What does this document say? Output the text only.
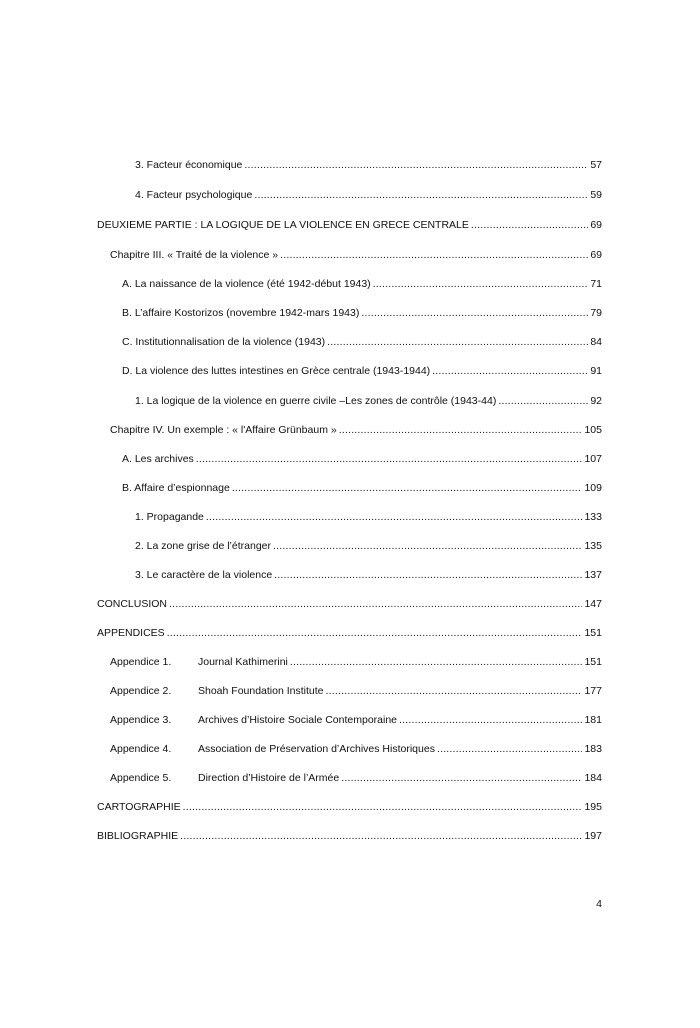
3. Facteur économique .....	57
4. Facteur psychologique .....	59
DEUXIEME PARTIE : LA LOGIQUE DE LA VIOLENCE EN GRECE CENTRALE .....	69
Chapitre III. « Traité de la violence » .....	69
A. La naissance de la violence (été 1942-début 1943) .....	71
B. L’affaire Kostorizos (novembre 1942-mars 1943) .....	79
C. Institutionnalisation de la violence (1943) .....	84
D. La violence des luttes intestines en Grèce centrale (1943-1944) .....	91
1. La logique de la violence en guerre civile –Les zones de contrôle (1943-44) .....	92
Chapitre IV. Un exemple : « l'Affaire Grünbaum » .....	105
A. Les archives .....	107
B. Affaire d’espionnage .....	109
1. Propagande .....	133
2. La zone grise de l’étranger .....	135
3. Le caractère de la violence .....	137
CONCLUSION .....	147
APPENDICES .....	151
Appendice 1.	Journal Kathimerini .....	151
Appendice 2.	Shoah Foundation Institute .....	177
Appendice 3.	Archives d’Histoire Sociale Contemporaine .....	181
Appendice 4.	Association de Préservation d’Archives Historiques .....	183
Appendice 5.	Direction d’Histoire de l’Armée .....	184
CARTOGRAPHIE .....	195
BIBLIOGRAPHIE .....	197
4
